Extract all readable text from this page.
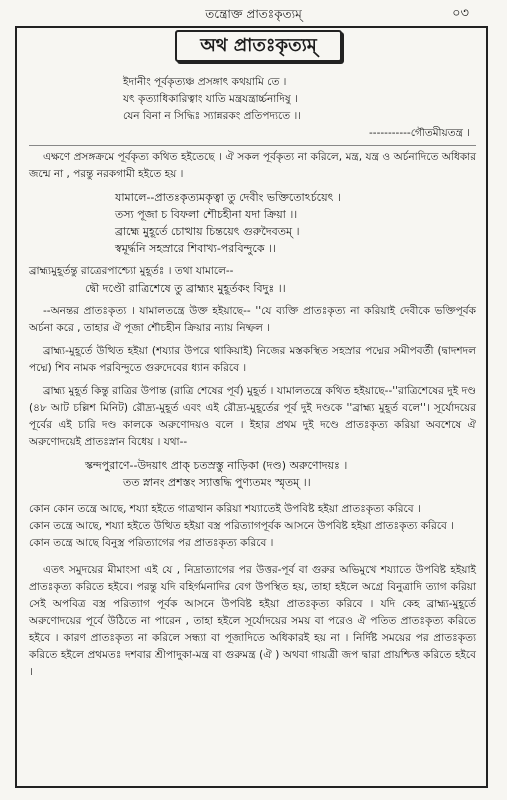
তন্ত্রোক্ত প্রাতঃকৃত্যম্‌	০৩
অথ প্রাতঃকৃত্যম্‌
ইদানীং পূর্বকৃত্যঞ্চ প্রসঙ্গাৎ কথয়ামি তে ।
যৎ কৃত্যাধিকারিত্বাং যাতি মন্ত্রযন্ত্রার্চ্চনাদিষু ।
যেন বিনা ন সিদ্ধিঃ স্যান্নরকং প্রতিপদ্যতে ।।
-----------গৌতমীয়তন্ত্র ।
এক্ষণে প্রসঙ্গক্রমে পূর্বকৃত্য কথিত হইতেছে । ঐ সকল পূর্বকৃত্য না করিলে, মন্ত্র, যন্ত্র ও অর্চনাদিতে অধিকার জন্মে না , পরন্তু নরকগামী হইতে হয় ।
যামালে--প্রাতঃকৃত্যমকৃত্বা তু দেবীং ভক্তিতোঽর্চয়েৎ ।
তস্য পূজা চ বিফলা শৌচহীনা যদা ক্রিয়া ।।
ব্রাহ্মে মুহূর্তে চোত্থায় চিন্তয়েৎ গুরুদৈবতম্‌ ।
স্বমূর্দ্ধনি সহস্রারে শিবাখ্য-পরবিন্দুকে ।।
ব্রাহ্ম্যমুহূর্তন্তু রাত্রেরপাশ্চ্যো মুহূর্তঃ । তথা যামালে--
দ্বৌ দণ্ডৌ রাত্রিশেষে তু ব্রাহ্ম্যং মুহূর্তকং বিদুঃ ।।
--অনন্তর প্রাতঃকৃত্য । যামালতন্ত্রে উক্ত হইয়াছে-- ''যে ব্যক্তি প্রাতঃকৃত্য না করিয়াই দেবীকে ভক্তিপূর্বক অর্চনা করে , তাহার ঐ পূজা শৌচহীন ক্রিয়ার ন্যায় নিষ্ফল ।
ব্রাহ্ম্য-মুহূর্তে উত্থিত হইয়া (শয্যার উপরে থাকিয়াই) নিজের মস্তকস্থিত সহস্রার পদ্মের সমীপবর্তী (দ্বাদশদল পদ্মে) শিব নামক পরবিন্দুতে গুরুদেবের ধ্যান করিবে ।
ব্রাহ্ম্য মুহূর্ত কিন্তু রাত্রির উপান্ত (রাত্রি শেষের পূর্ব) মুহূর্ত । যামালতন্ত্রে কথিত হইয়াছে--''রাত্রিশেষের দুই দণ্ড (৪৮ আট চল্লিশ মিনিট) রৌদ্র্য-মুহূর্ত এবং এই রৌদ্র্য-মুহূর্তের পূর্ব দুই দণ্ডকে ''ব্রাহ্ম্য মুহূর্ত বলে''। সূর্যোদয়ের পূর্বের এই চারি দণ্ড কালকে অরুণোদয়ও বলে । ইহার প্রথম দুই দণ্ডে প্রাতঃকৃত্য করিয়া অবশেষে ঐ অরুণোদয়েই প্রাতঃস্নান বিধেয় । যথা--
স্কন্দপুরাণে--উদয়াৎ প্রাক্‌ চতস্রস্তু নাড়িকা (দণ্ড) অরুণোদয়ঃ ।
তত স্নানং প্রশস্তং স্যাত্তদ্ধি পুণ্যতমং স্মৃতম্‌ ।।
কোন কোন তন্ত্রে আছে, শয্যা হইতে গাত্রত্থান করিয়া শয্যাতেই উপবিষ্ট হইয়া প্রাতঃকৃত্য করিবে ।
কোন তন্ত্রে আছে, শয্যা হইতে উত্থিত হইয়া বস্ত্র পরিত্যাগপূর্বক আসনে উপবিষ্ট হইয়া প্রাতঃকৃত্য করিবে ।
কোন তন্ত্রে আছে বিনুস্ত্র পরিত্যাগের পর প্রাতঃকৃত্য করিবে ।
এতৎ সমুদয়ের মীমাংসা এই যে , নিদ্রাত্যাগের পর উত্তর-পূর্ব বা গুরুর অভিমুখে শয্যাতে উপবিষ্ট হইয়াই প্রাতঃকৃত্য করিতে হইবে। পরন্তু যদি বহির্গমনাদির বেগ উপস্থিত হয়, তাহা হইলে অগ্রে বিনুত্রাদি ত্যাগ করিয়া সেই অপবিত্র বস্ত্র পরিত্যাগ পূর্বক আসনে উপবিষ্ট হইয়া প্রাতঃকৃত্য করিবে । যদি কেহ ব্রাহ্ম্য-মুহূর্তে অরুণোদয়ের পূর্বে উঠিতে না পারেন , তাহা হইলে সূর্যোদয়ের সময় বা পরেও ঐ পতিত প্রাতঃকৃত্য করিতে হইবে । কারণ প্রাতঃকৃত্য না করিলে সন্ধ্যা বা পূজাদিতে অধিকারই হয় না । নির্দিষ্ট সময়ের পর প্রাতঃকৃত্য করিতে হইলে প্রথমতঃ দশবার শ্রীপাদুকা-মন্ত্র বা গুরুমন্ত্র (ঐ ) অথবা গায়ত্রী জপ দ্বারা প্রায়শ্চিত্ত করিতে হইবে ।
